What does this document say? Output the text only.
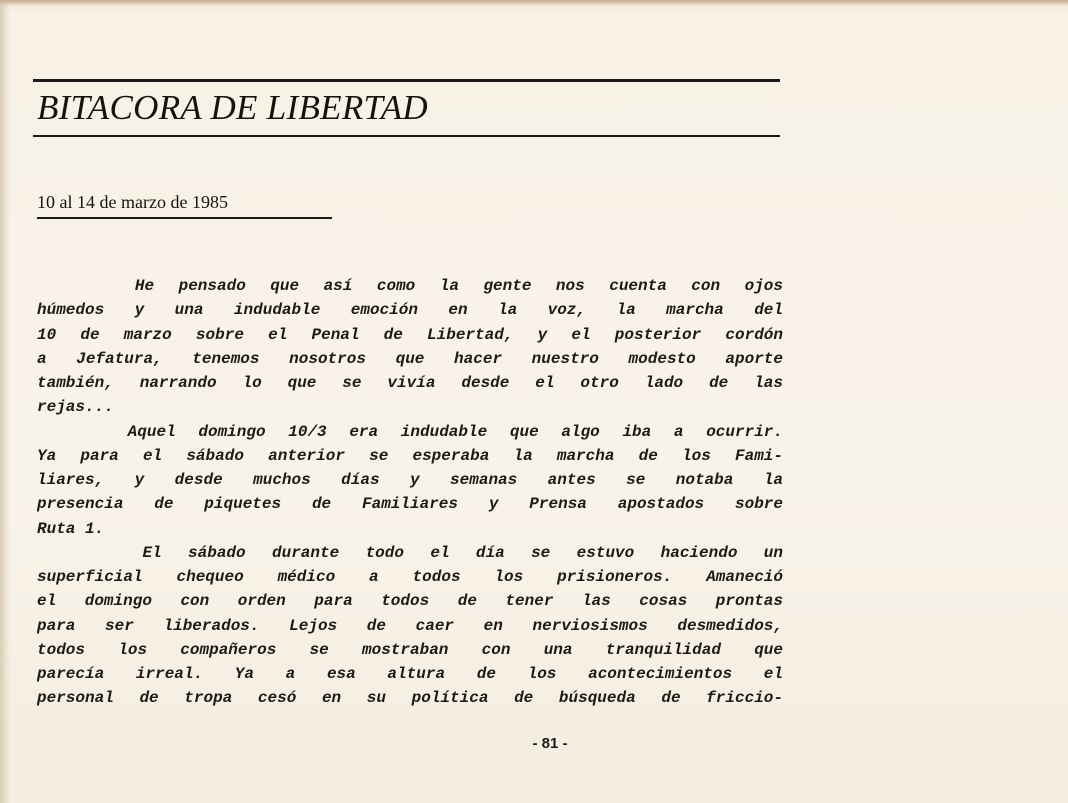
BITACORA DE LIBERTAD
10 al 14 de marzo de 1985
He pensado que así como la gente nos cuenta con ojos
húmedos y una indudable emoción en la voz, la marcha del
10 de marzo sobre el Penal de Libertad, y el posterior cordón
a Jefatura, tenemos nosotros que hacer nuestro modesto aporte
también, narrando lo que se vivía desde el otro lado de las
rejas...
Aquel domingo 10/3 era indudable que algo iba a ocurrir.
Ya para el sábado anterior se esperaba la marcha de los Fami-
liares, y desde muchos días y semanas antes se notaba la
presencia de piquetes de Familiares y Prensa apostados sobre
Ruta 1.
El sábado durante todo el día se estuvo haciendo un
superficial chequeo médico a todos los prisioneros. Amaneció
el domingo con orden para todos de tener las cosas prontas
para ser liberados. Lejos de caer en nerviosismos desmedidos,
todos los compañeros se mostraban con una tranquilidad que
parecía irreal. Ya a esa altura de los acontecimientos el
personal de tropa cesó en su política de búsqueda de friccio-
- 81 -
